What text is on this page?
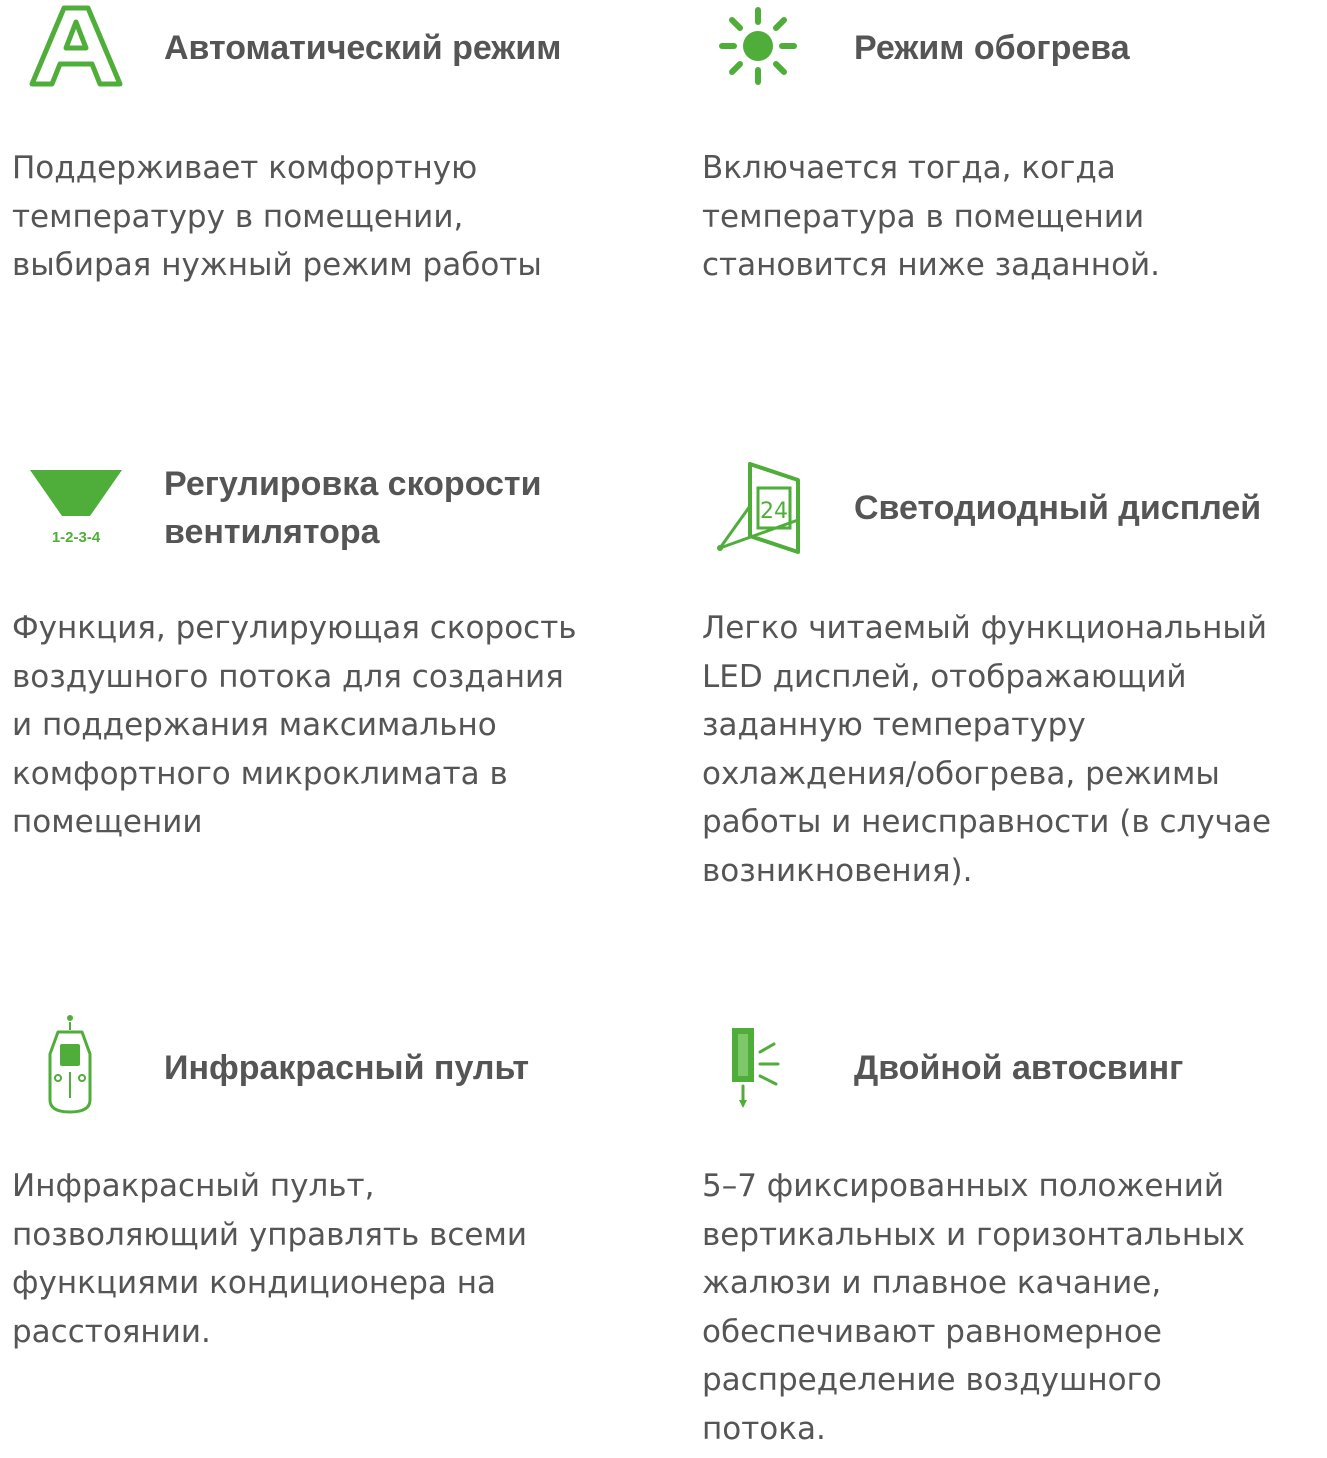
Автоматический режим

Поддерживает комфортную
температуру в помещении,
выбирая нужный режим работы

Режим обогрева

Включается тогда, когда
температура в помещении
становится ниже заданной.

1-2-3-4
Регулировка скорости
вентилятора

Функция, регулирующая скорость
воздушного потока для создания
и поддержания максимально
комфортного микроклимата в
помещении

24 Светодиодный дисплей

Легко читаемый функциональный
LED дисплей, отображающий
заданную температуру
охлаждения/обогрева, режимы
работы и неисправности (в случае
возникновения).

Инфракрасный пульт

Инфракрасный пульт,
позволяющий управлять всеми
функциями кондиционера на
расстоянии.

Двойной автосвинг

5–7 фиксированных положений
вертикальных и горизонтальных
жалюзи и плавное качание,
обеспечивают равномерное
распределение воздушного
потока.
